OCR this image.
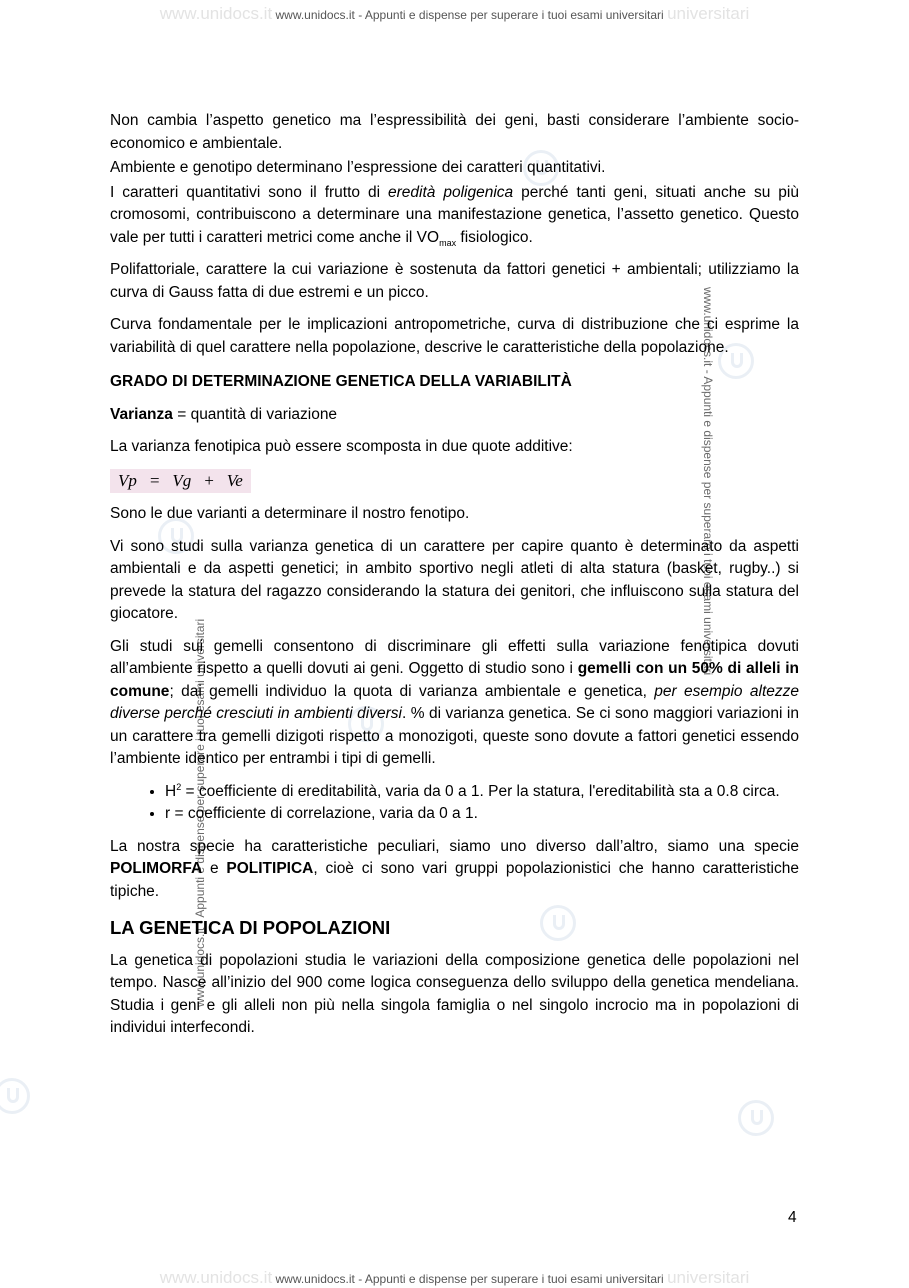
www.unidocs.it www.unidocs.it - Appunti e dispense per superare i tuoi esami universitari universitari
www.unidocs.it www.unidocs.it - Appunti e dispense per superare i tuoi esami universitari universitari
www.unidocs.it - Appunti e dispense per superare i tuoi esami universitari
www.unidocs.it - Appunti e dispense per superare i tuoi esami universitari

Non cambia l’aspetto genetico ma l’espressibilità dei geni, basti considerare l’ambiente socio-economico e ambientale.

Ambiente e genotipo determinano l’espressione dei caratteri quantitativi.

I caratteri quantitativi sono il frutto di eredità poligenica perché tanti geni, situati anche su più cromosomi, contribuiscono a determinare una manifestazione genetica, l’assetto genetico. Questo vale per tutti i caratteri metrici come anche il $VO_{max}$ fisiologico.

Polifattoriale, carattere la cui variazione è sostenuta da fattori genetici + ambientali; utilizziamo la curva di Gauss fatta di due estremi e un picco.

Curva fondamentale per le implicazioni antropometriche, curva di distribuzione che ci esprime la variabilità di quel carattere nella popolazione, descrive le caratteristiche della popolazione.

GRADO DI DETERMINAZIONE GENETICA DELLA VARIABILITÀ

Varianza = quantità di variazione

La varianza fenotipica può essere scomposta in due quote additive:

Vp = Vg + Ve

Sono le due varianti a determinare il nostro fenotipo.

Vi sono studi sulla varianza genetica di un carattere per capire quanto è determinato da aspetti ambientali e da aspetti genetici; in ambito sportivo negli atleti di alta statura (basket, rugby..) si prevede la statura del ragazzo considerando la statura dei genitori, che influiscono sulla statura del giocatore.

Gli studi sui gemelli consentono di discriminare gli effetti sulla variazione fenotipica dovuti all’ambiente rispetto a quelli dovuti ai geni. Oggetto di studio sono i gemelli con un 50% di alleli in comune; dai gemelli individuo la quota di varianza ambientale e genetica, per esempio altezze diverse perché cresciuti in ambienti diversi. % di varianza genetica. Se ci sono maggiori variazioni in un carattere tra gemelli dizigoti rispetto a monozigoti, queste sono dovute a fattori genetici essendo l’ambiente identico per entrambi i tipi di gemelli.

• $H^2$ = coefficiente di ereditabilità, varia da 0 a 1. Per la statura, l'ereditabilità sta a 0.8 circa.
• r = coefficiente di correlazione, varia da 0 a 1.

La nostra specie ha caratteristiche peculiari, siamo uno diverso dall’altro, siamo una specie POLIMORFA e POLITIPICA, cioè ci sono vari gruppi popolazionistici che hanno caratteristiche tipiche.

LA GENETICA DI POPOLAZIONI

La genetica di popolazioni studia le variazioni della composizione genetica delle popolazioni nel tempo. Nasce all’inizio del 900 come logica conseguenza dello sviluppo della genetica mendeliana. Studia i geni e gli alleli non più nella singola famiglia o nel singolo incrocio ma in popolazioni di individui interfecondi.

4
